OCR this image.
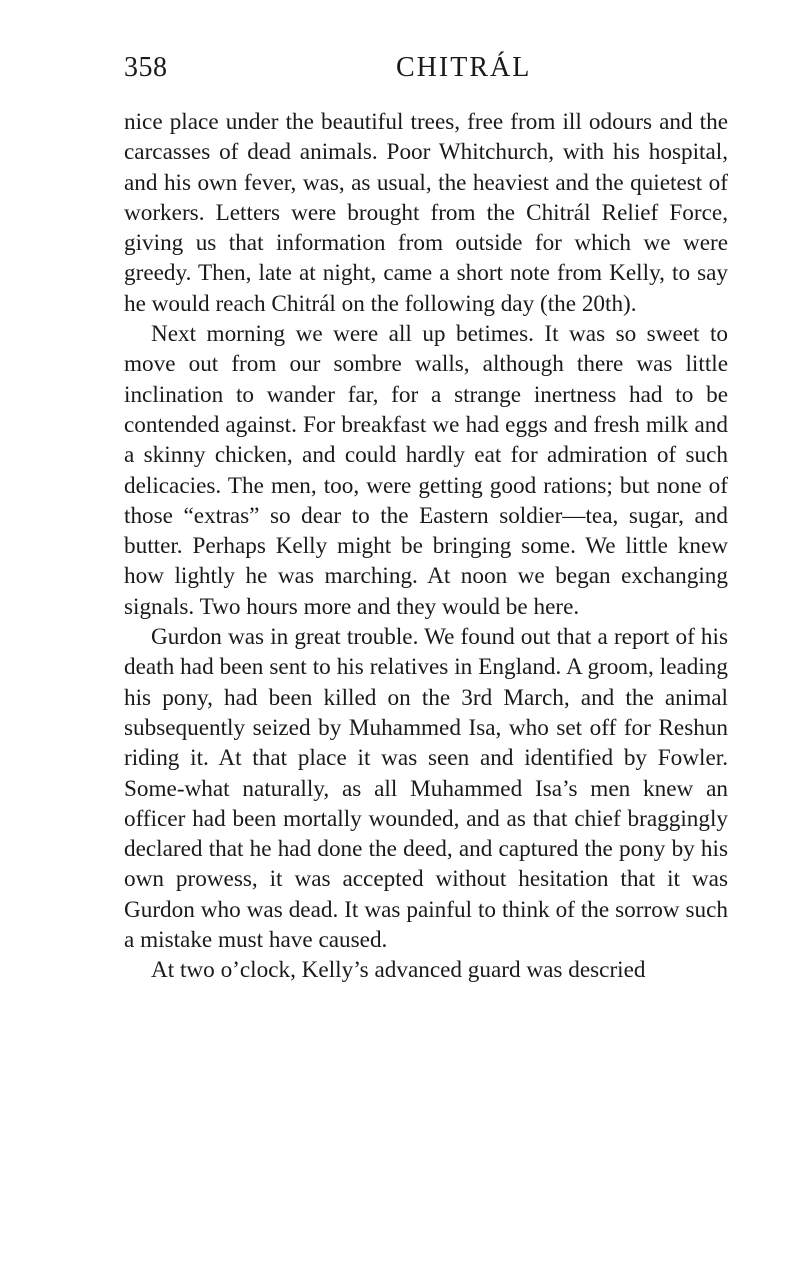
358	CHITRÁL

nice place under the beautiful trees, free from ill odours and the carcasses of dead animals. Poor Whitchurch, with his hospital, and his own fever, was, as usual, the heaviest and the quietest of workers. Letters were brought from the Chitrál Relief Force, giving us that information from outside for which we were greedy. Then, late at night, came a short note from Kelly, to say he would reach Chitrál on the following day (the 20th).

Next morning we were all up betimes. It was so sweet to move out from our sombre walls, although there was little inclination to wander far, for a strange inertness had to be contended against. For breakfast we had eggs and fresh milk and a skinny chicken, and could hardly eat for admiration of such delicacies. The men, too, were getting good rations; but none of those “extras” so dear to the Eastern soldier—tea, sugar, and butter. Perhaps Kelly might be bringing some. We little knew how lightly he was marching. At noon we began exchanging signals. Two hours more and they would be here.

Gurdon was in great trouble. We found out that a report of his death had been sent to his relatives in England. A groom, leading his pony, had been killed on the 3rd March, and the animal subsequently seized by Muhammed Isa, who set off for Reshun riding it. At that place it was seen and identified by Fowler. Some-what naturally, as all Muhammed Isa’s men knew an officer had been mortally wounded, and as that chief braggingly declared that he had done the deed, and captured the pony by his own prowess, it was accepted without hesitation that it was Gurdon who was dead. It was painful to think of the sorrow such a mistake must have caused.

At two o’clock, Kelly’s advanced guard was descried
